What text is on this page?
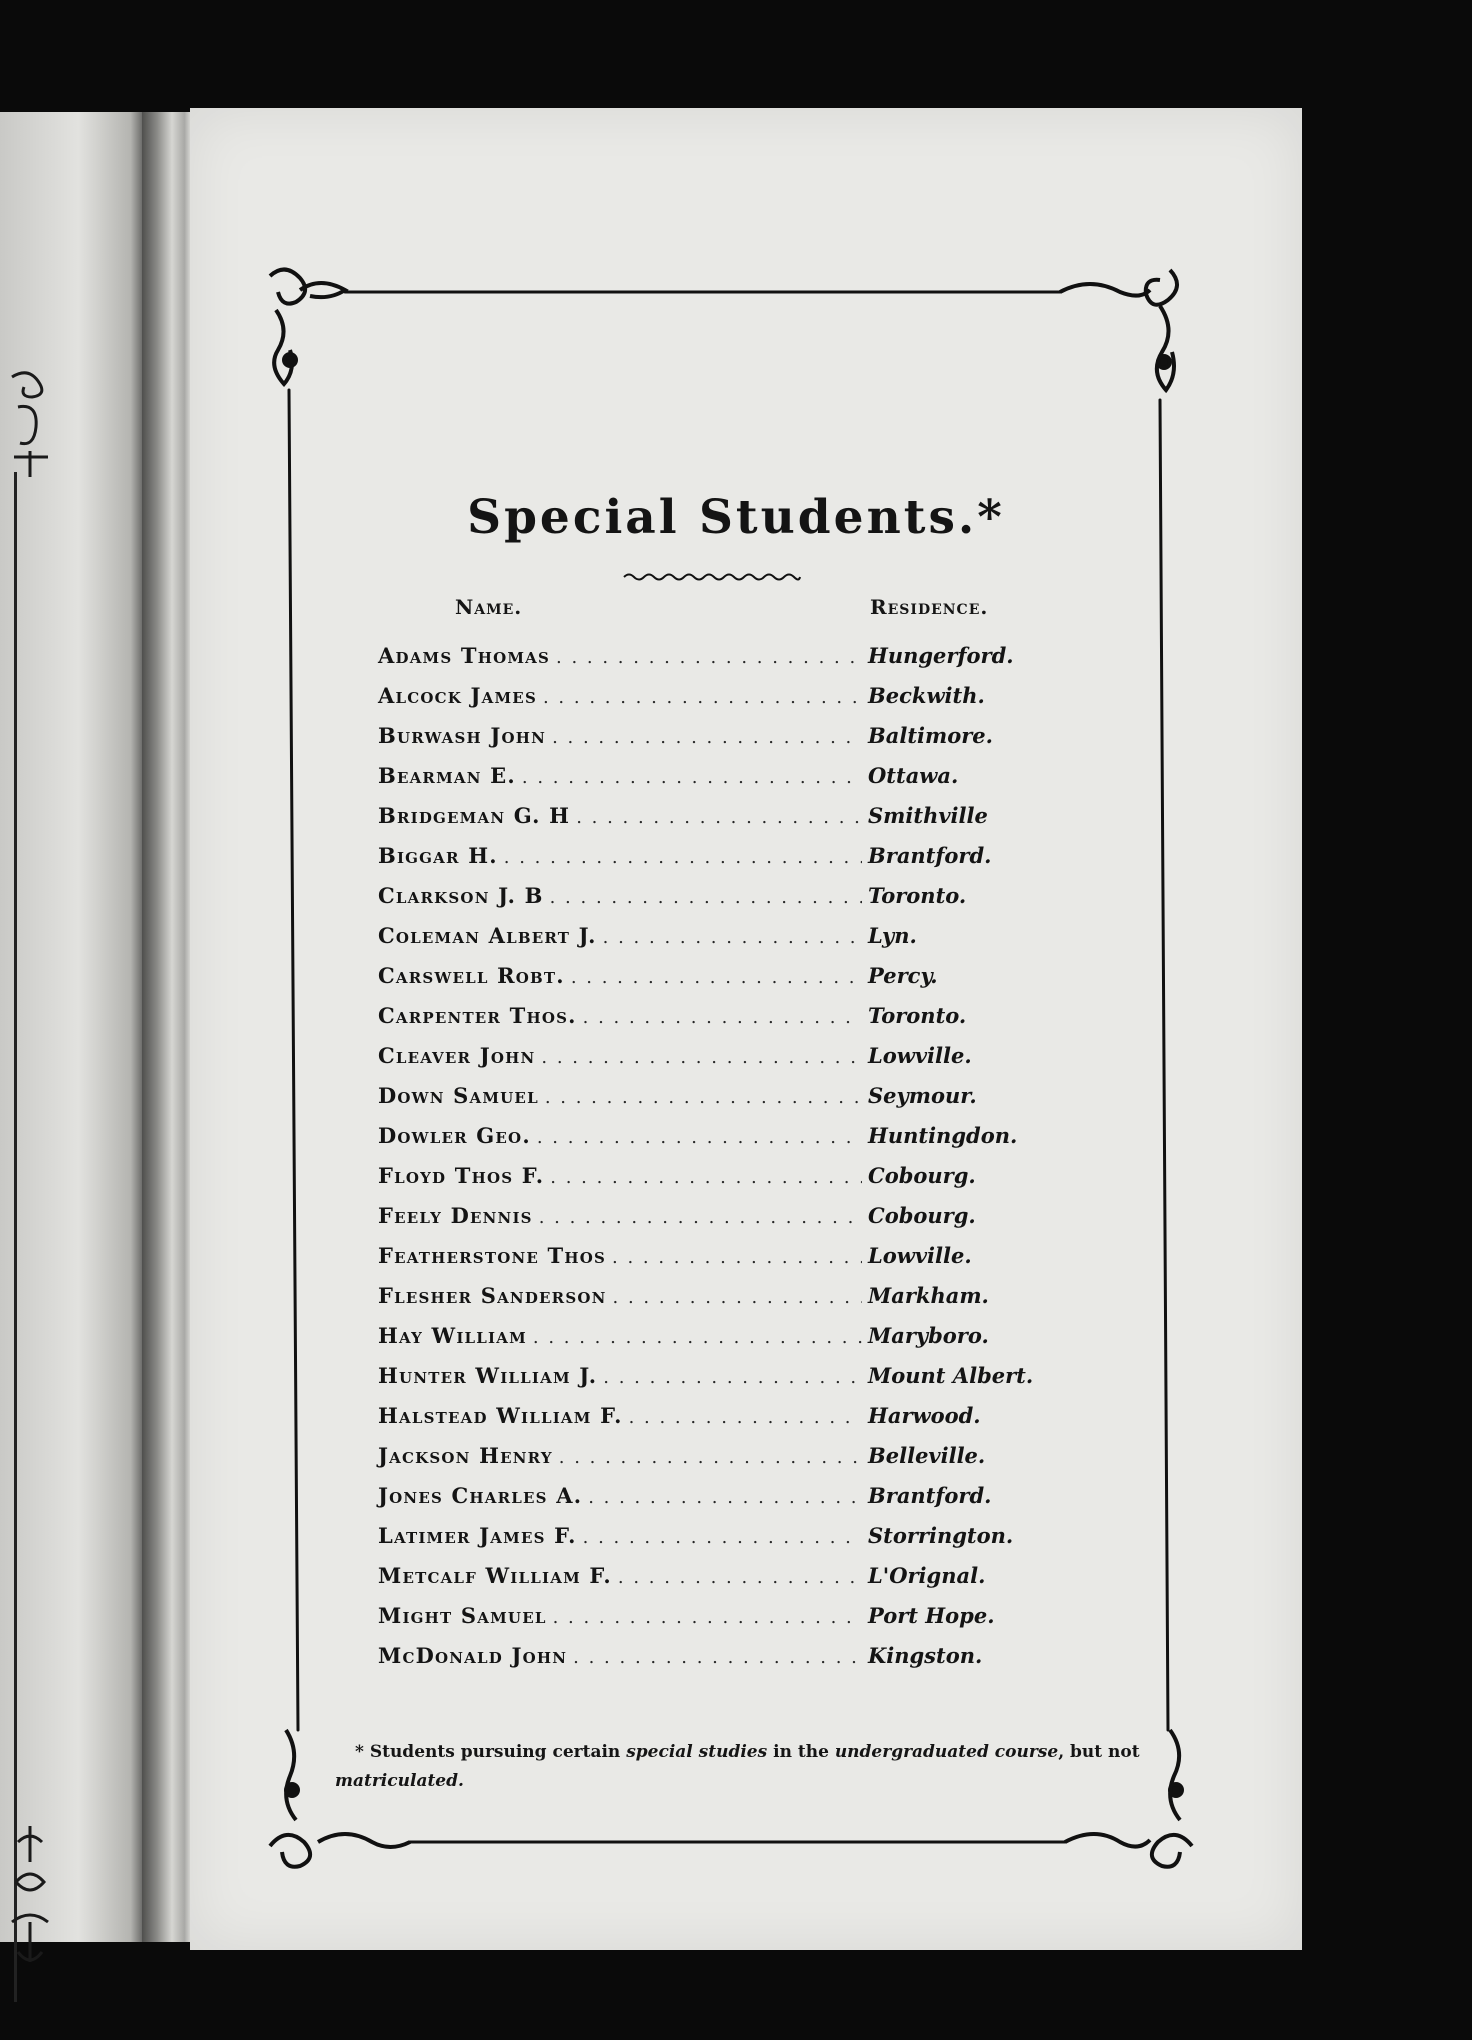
Special Students.*
Name.	Residence.
Adams Thomas . . .	Hungerford.
Alcock James . . .	Beckwith.
Burwash John . . .	Baltimore.
Bearman E. . . .	Ottawa.
Bridgeman G. H . . .	Smithville
Biggar H. . . .	Brantford.
Clarkson J. B . . .	Toronto.
Coleman Albert J. . . .	Lyn.
Carswell Robt. . . .	Percy.
Carpenter Thos. . . .	Toronto.
Cleaver John . . .	Lowville.
Down Samuel . . .	Seymour.
Dowler Geo. . . .	Huntingdon.
Floyd Thos F. . . .	Cobourg.
Feely Dennis . . .	Cobourg.
Featherstone Thos . . .	Lowville.
Flesher Sanderson . . .	Markham.
Hay William . . .	Maryboro.
Hunter William J. . . .	Mount Albert.
Halstead William F. . . .	Harwood.
Jackson Henry . . .	Belleville.
Jones Charles A. . . .	Brantford.
Latimer James F. . . .	Storrington.
Metcalf William F. . . .	L'Orignal.
Might Samuel . . .	Port Hope.
McDonald John . . .	Kingston.
* Students pursuing certain special studies in the undergraduated course, but not matriculated.
